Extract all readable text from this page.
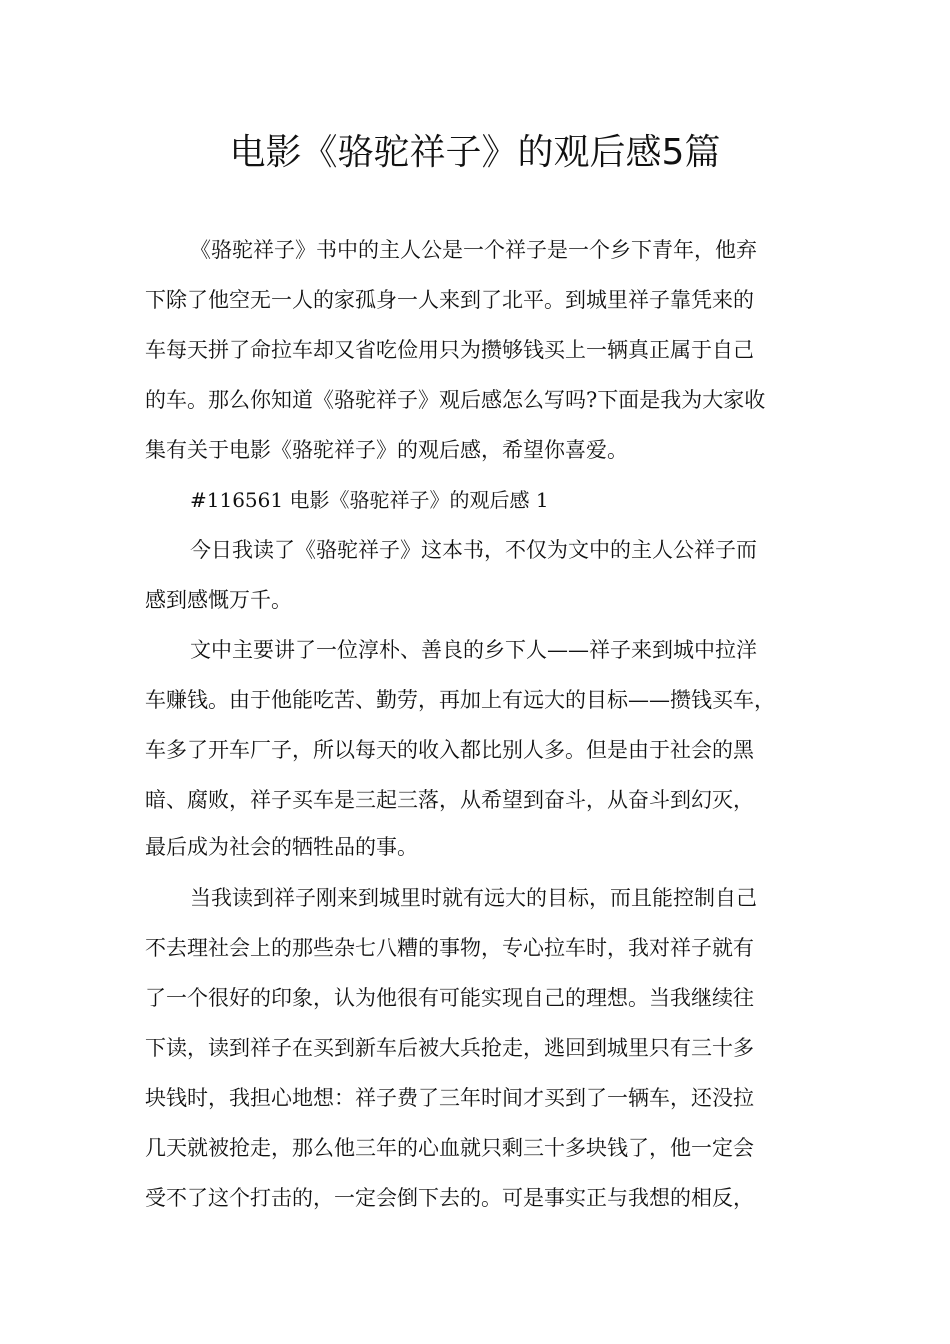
电影《骆驼祥子》的观后感5篇

《骆驼祥子》书中的主人公是一个祥子是一个乡下青年，他弃

下除了他空无一人的家孤身一人来到了北平。到城里祥子靠凭来的

车每天拼了命拉车却又省吃俭用只为攒够钱买上一辆真正属于自己

的车。那么你知道《骆驼祥子》观后感怎么写吗?下面是我为大家收

集有关于电影《骆驼祥子》的观后感，希望你喜爱。

#116561 电影《骆驼祥子》的观后感 1

今日我读了《骆驼祥子》这本书，不仅为文中的主人公祥子而

感到感慨万千。

文中主要讲了一位淳朴、善良的乡下人——祥子来到城中拉洋

车赚钱。由于他能吃苦、勤劳，再加上有远大的目标——攒钱买车，

车多了开车厂子，所以每天的收入都比别人多。但是由于社会的黑

暗、腐败，祥子买车是三起三落，从希望到奋斗，从奋斗到幻灭，

最后成为社会的牺牲品的事。

当我读到祥子刚来到城里时就有远大的目标，而且能控制自己

不去理社会上的那些杂七八糟的事物，专心拉车时，我对祥子就有

了一个很好的印象，认为他很有可能实现自己的理想。当我继续往

下读，读到祥子在买到新车后被大兵抢走，逃回到城里只有三十多

块钱时，我担心地想：祥子费了三年时间才买到了一辆车，还没拉

几天就被抢走，那么他三年的心血就只剩三十多块钱了，他一定会

受不了这个打击的，一定会倒下去的。可是事实正与我想的相反，
